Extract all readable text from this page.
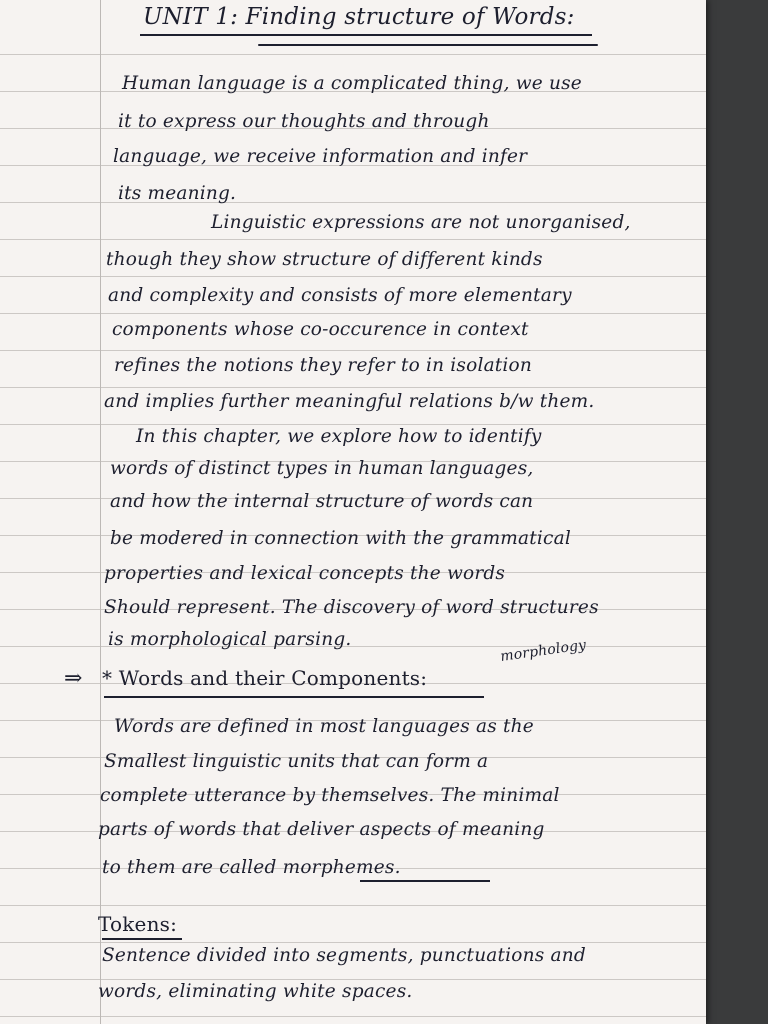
UNIT 1: Finding structure of Words:
Human language is a complicated thing, we use
it to express our thoughts and through
language, we receive information and infer
its meaning.
Linguistic expressions are not unorganised,
though they show structure of different kinds
and complexity and consists of more elementary
components whose co-occurence in context
refines the notions they refer to in isolation
and implies further meaningful relations b/w them.
In this chapter, we explore how to identify
words of distinct types in human languages,
and how the internal structure of words can
be modered in connection with the grammatical
properties and lexical concepts the words
Should represent. The discovery of word structures
is morphological parsing.	morphology
⇒ * Words and their Components:
Words are defined in most languages as the
Smallest linguistic units that can form a
complete utterance by themselves. The minimal
parts of words that deliver aspects of meaning
to them are called morphemes.
Tokens:
Sentence divided into segments, punctuations and
words, eliminating white spaces.
